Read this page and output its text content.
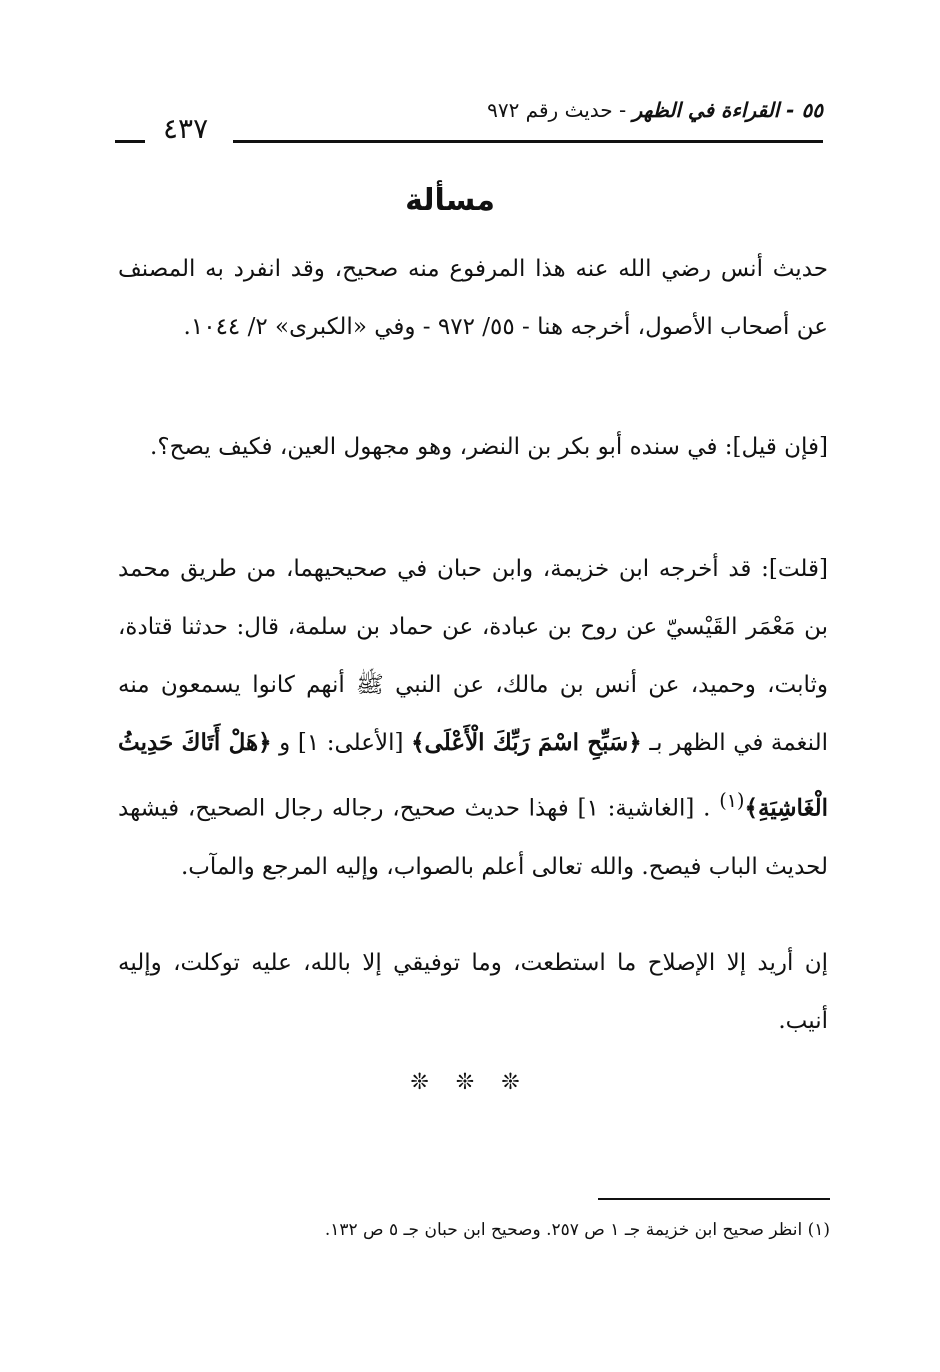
٤٣٧
٥٥ - القراءة في الظهر - حديث رقم ٩٧٢
مسألة
حديث أنس رضي الله عنه هذا المرفوع منه صحيح، وقد انفرد به المصنف عن أصحاب الأصول، أخرجه هنا - ٥٥/ ٩٧٢ - وفي «الكبرى» ٢/ ١٠٤٤.
[فإن قيل]: في سنده أبو بكر بن النضر، وهو مجهول العين، فكيف يصح؟.
[قلت]: قد أخرجه ابن خزيمة، وابن حبان في صحيحيهما، من طريق محمد بن مَعْمَر القَيْسيّ عن روح بن عبادة، عن حماد بن سلمة، قال: حدثنا قتادة، وثابت، وحميد، عن أنس بن مالك، عن النبي ﷺ أنهم كانوا يسمعون منه النغمة في الظهر بـ ﴿سَبِّحِ اسْمَ رَبِّكَ الْأَعْلَى﴾ [الأعلى: ١] و ﴿هَلْ أَتَاكَ حَدِيثُ الْغَاشِيَةِ﴾$^{(١)}$ . [الغاشية: ١] فهذا حديث صحيح، رجاله رجال الصحيح، فيشهد لحديث الباب فيصح. والله تعالى أعلم بالصواب، وإليه المرجع والمآب.
إن أريد إلا الإصلاح ما استطعت، وما توفيقي إلا بالله، عليه توكلت، وإليه أنيب.
❊ ❊ ❊
(١) انظر صحيح ابن خزيمة جـ ١ ص ٢٥٧. وصحيح ابن حبان جـ ٥ ص ١٣٢.
